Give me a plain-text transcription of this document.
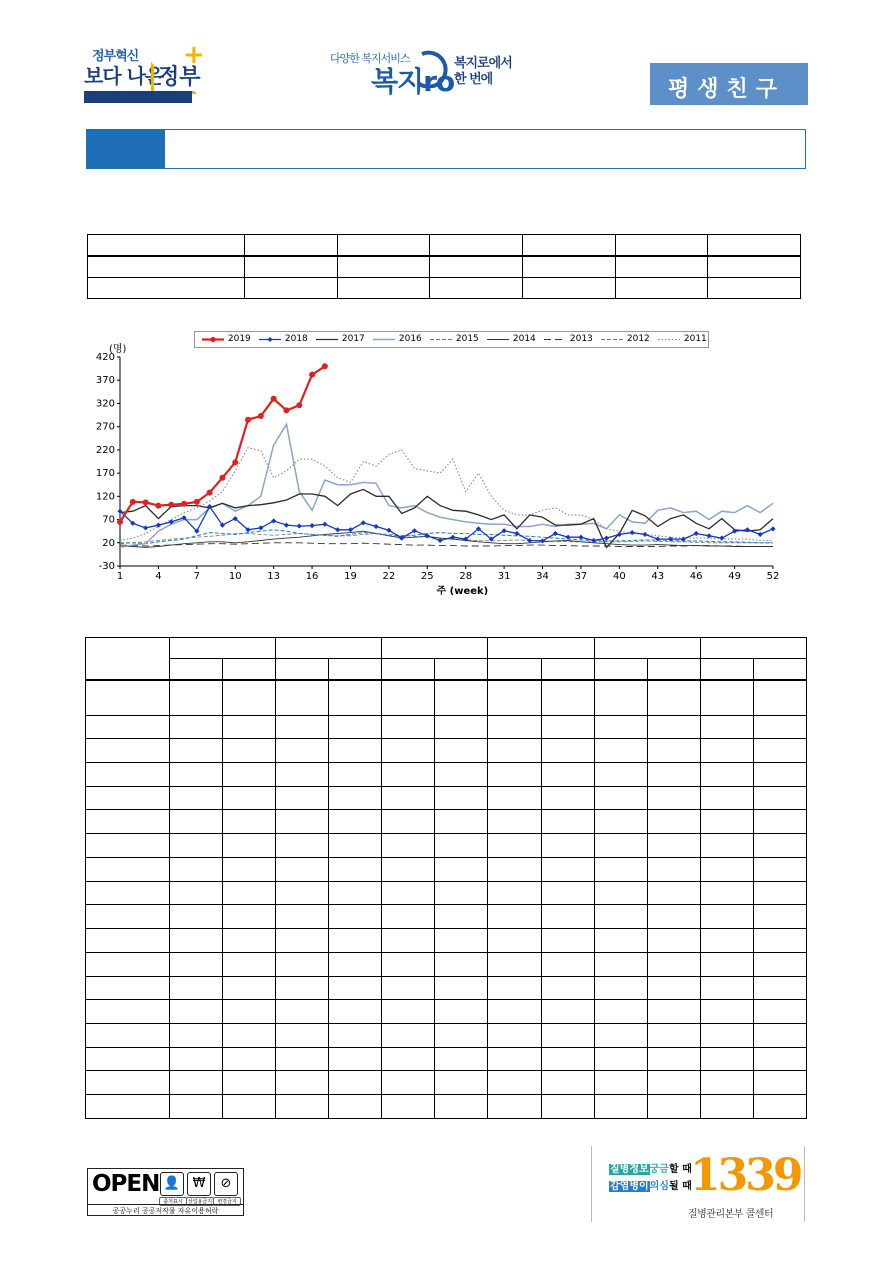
정부혁신
보다 나은
정부
+	다양한 복지서비스
복지ro
복지로에서
한 번에	평생친구

2019	2018	2017	2016	2015	2014	2013	2012	2011
420
370
320
270
220
170
120
70
20
-30
1	4	7	10	13	16	19	22	25	28	31	34	37	40	43	46	49	52
(명)
주 (week)

OPEN 👤 ₩	⊘
출처표시	상업용금지	변경금지
공공누리 공공저작물 자유이용허락
질병정보궁금할 때
감염병이의심될 때
1339
질병관리본부 콜센터
